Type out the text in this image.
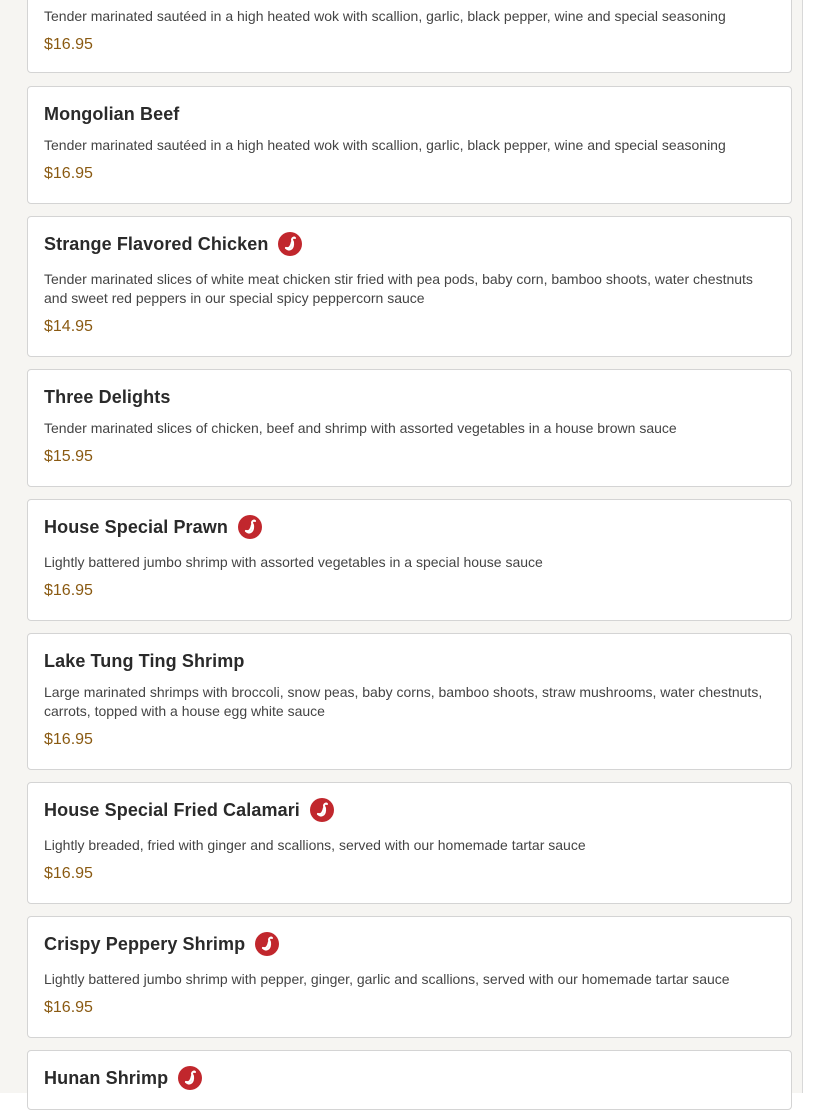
Tender marinated sautéed in a high heated wok with scallion, garlic, black pepper, wine and special seasoning
$16.95
Mongolian Beef
Tender marinated sautéed in a high heated wok with scallion, garlic, black pepper, wine and special seasoning
$16.95
Strange Flavored Chicken
Tender marinated slices of white meat chicken stir fried with pea pods, baby corn, bamboo shoots, water chestnuts and sweet red peppers in our special spicy peppercorn sauce
$14.95
Three Delights
Tender marinated slices of chicken, beef and shrimp with assorted vegetables in a house brown sauce
$15.95
House Special Prawn
Lightly battered jumbo shrimp with assorted vegetables in a special house sauce
$16.95
Lake Tung Ting Shrimp
Large marinated shrimps with broccoli, snow peas, baby corns, bamboo shoots, straw mushrooms, water chestnuts, carrots, topped with a house egg white sauce
$16.95
House Special Fried Calamari
Lightly breaded, fried with ginger and scallions, served with our homemade tartar sauce
$16.95
Crispy Peppery Shrimp
Lightly battered jumbo shrimp with pepper, ginger, garlic and scallions, served with our homemade tartar sauce
$16.95
Hunan Shrimp
